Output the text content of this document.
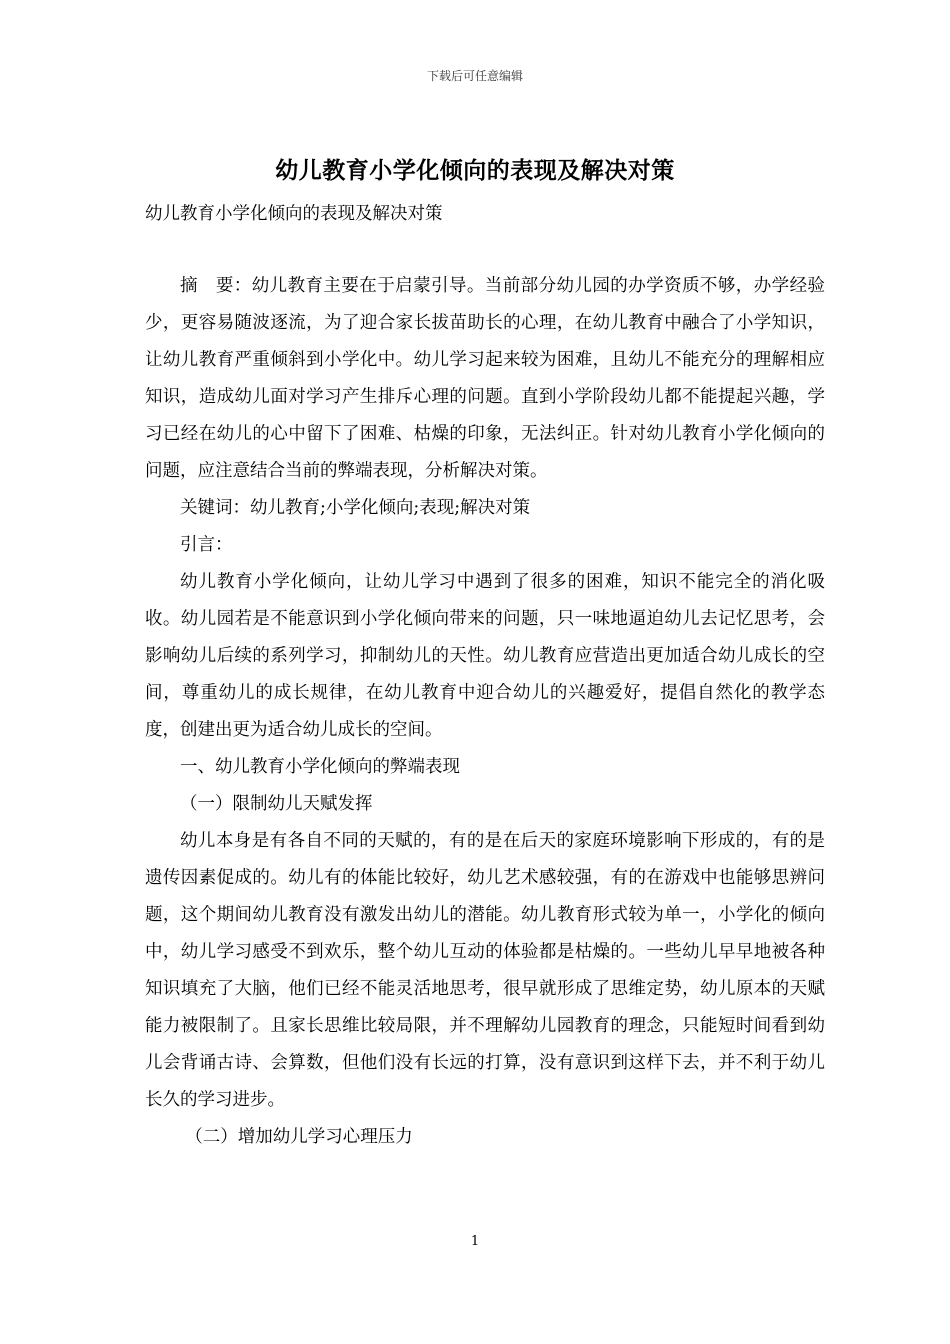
下载后可任意编辑
幼儿教育小学化倾向的表现及解决对策
幼儿教育小学化倾向的表现及解决对策

摘　要：幼儿教育主要在于启蒙引导。当前部分幼儿园的办学资质不够，办学经验少，更容易随波逐流，为了迎合家长拔苗助长的心理，在幼儿教育中融合了小学知识，让幼儿教育严重倾斜到小学化中。幼儿学习起来较为困难，且幼儿不能充分的理解相应知识，造成幼儿面对学习产生排斥心理的问题。直到小学阶段幼儿都不能提起兴趣，学习已经在幼儿的心中留下了困难、枯燥的印象，无法纠正。针对幼儿教育小学化倾向的问题，应注意结合当前的弊端表现，分析解决对策。

关键词：幼儿教育;小学化倾向;表现;解决对策

引言：

幼儿教育小学化倾向，让幼儿学习中遇到了很多的困难，知识不能完全的消化吸收。幼儿园若是不能意识到小学化倾向带来的问题，只一味地逼迫幼儿去记忆思考，会影响幼儿后续的系列学习，抑制幼儿的天性。幼儿教育应营造出更加适合幼儿成长的空间，尊重幼儿的成长规律，在幼儿教育中迎合幼儿的兴趣爱好，提倡自然化的教学态度，创建出更为适合幼儿成长的空间。

一、幼儿教育小学化倾向的弊端表现

（一）限制幼儿天赋发挥

幼儿本身是有各自不同的天赋的，有的是在后天的家庭环境影响下形成的，有的是遗传因素促成的。幼儿有的体能比较好，幼儿艺术感较强，有的在游戏中也能够思辨问题，这个期间幼儿教育没有激发出幼儿的潜能。幼儿教育形式较为单一，小学化的倾向中，幼儿学习感受不到欢乐，整个幼儿互动的体验都是枯燥的。一些幼儿早早地被各种知识填充了大脑，他们已经不能灵活地思考，很早就形成了思维定势，幼儿原本的天赋能力被限制了。且家长思维比较局限，并不理解幼儿园教育的理念，只能短时间看到幼儿会背诵古诗、会算数，但他们没有长远的打算，没有意识到这样下去，并不利于幼儿长久的学习进步。

（二）增加幼儿学习心理压力

1
